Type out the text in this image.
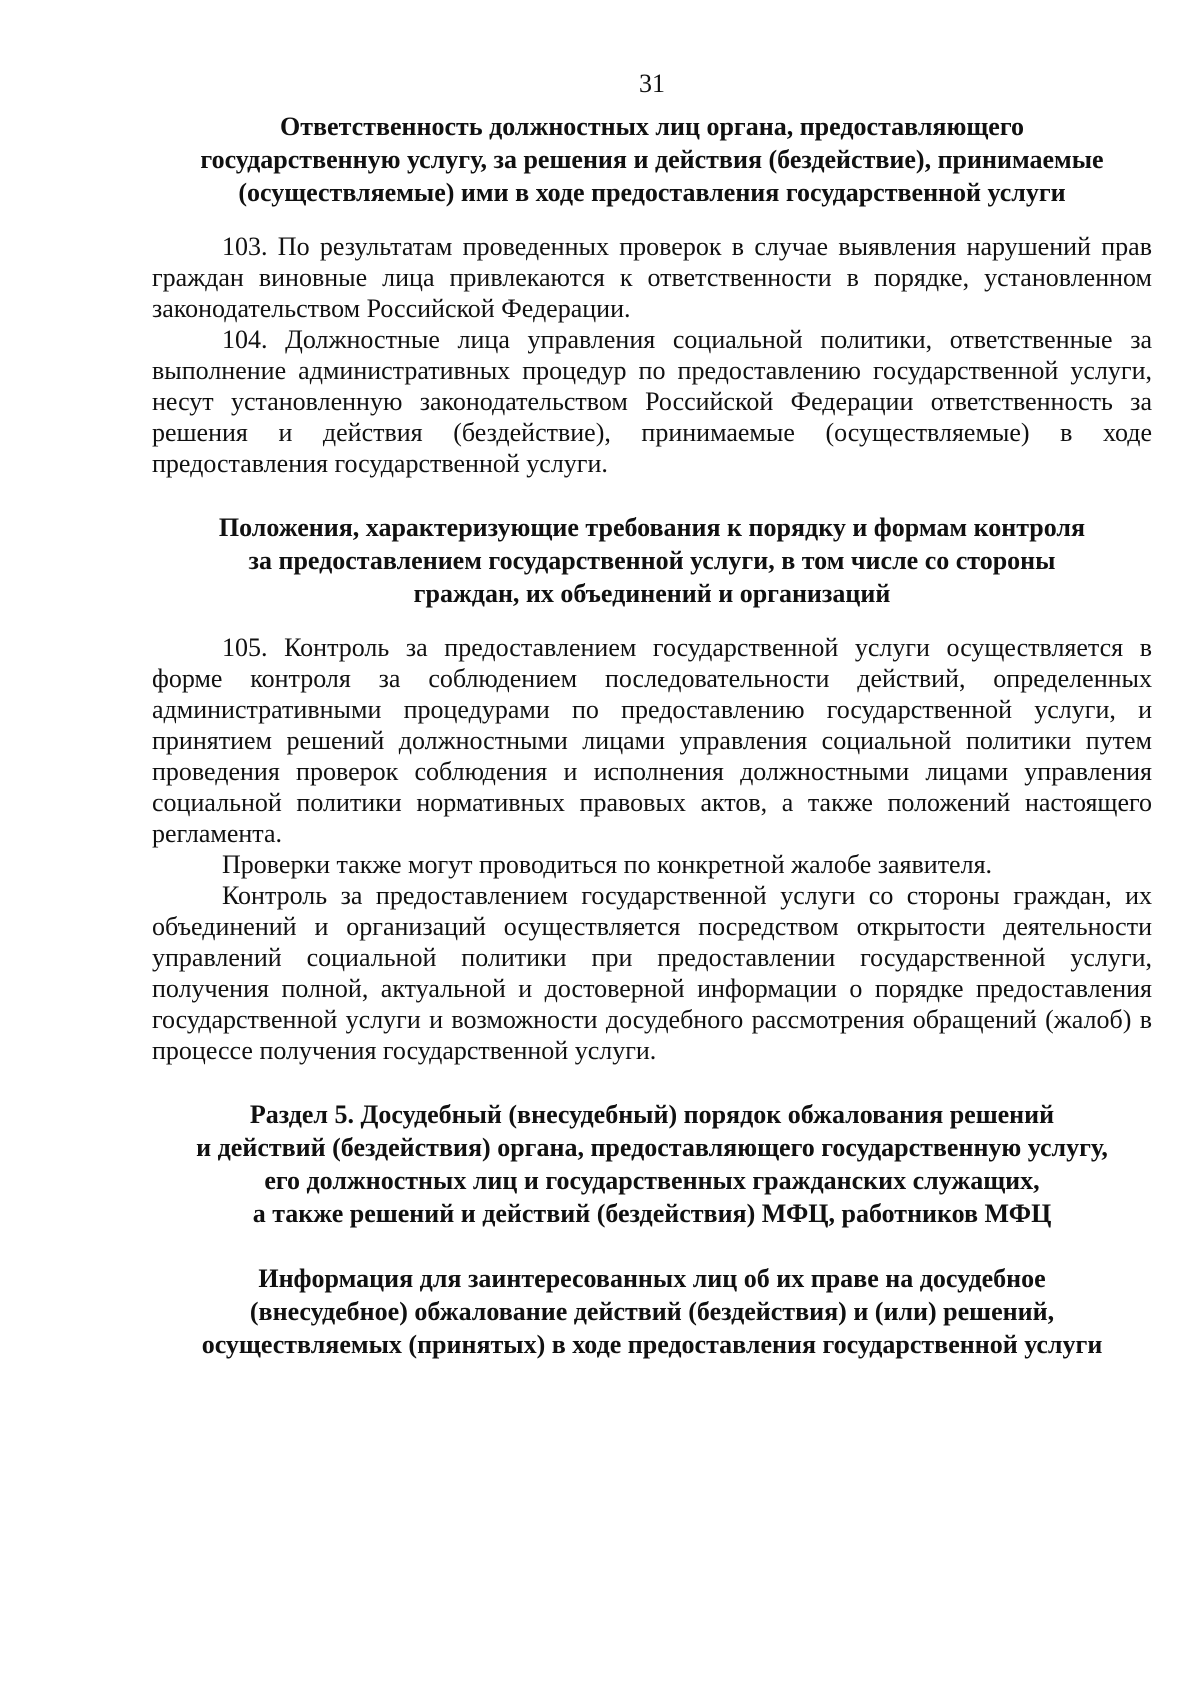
31
Ответственность должностных лиц органа, предоставляющего
государственную услугу, за решения и действия (бездействие), принимаемые
(осуществляемые) ими в ходе предоставления государственной услуги

103. По результатам проведенных проверок в случае выявления нарушений прав граждан виновные лица привлекаются к ответственности в порядке, установленном законодательством Российской Федерации.

104. Должностные лица управления социальной политики, ответственные за выполнение административных процедур по предоставлению государственной услуги, несут установленную законодательством Российской Федерации ответственность за решения и действия (бездействие), принимаемые (осуществляемые) в ходе предоставления государственной услуги.

Положения, характеризующие требования к порядку и формам контроля
за предоставлением государственной услуги, в том числе со стороны
граждан, их объединений и организаций

105. Контроль за предоставлением государственной услуги осуществляется в форме контроля за соблюдением последовательности действий, определенных административными процедурами по предоставлению государственной услуги, и принятием решений должностными лицами управления социальной политики путем проведения проверок соблюдения и исполнения должностными лицами управления социальной политики нормативных правовых актов, а также положений настоящего регламента.

Проверки также могут проводиться по конкретной жалобе заявителя.

Контроль за предоставлением государственной услуги со стороны граждан, их объединений и организаций осуществляется посредством открытости деятельности управлений социальной политики при предоставлении государственной услуги, получения полной, актуальной и достоверной информации о порядке предоставления государственной услуги и возможности досудебного рассмотрения обращений (жалоб) в процессе получения государственной услуги.

Раздел 5. Досудебный (внесудебный) порядок обжалования решений
и действий (бездействия) органа, предоставляющего государственную услугу,
его должностных лиц и государственных гражданских служащих,
а также решений и действий (бездействия) МФЦ, работников МФЦ
Информация для заинтересованных лиц об их праве на досудебное
(внесудебное) обжалование действий (бездействия) и (или) решений,
осуществляемых (принятых) в ходе предоставления государственной услуги
